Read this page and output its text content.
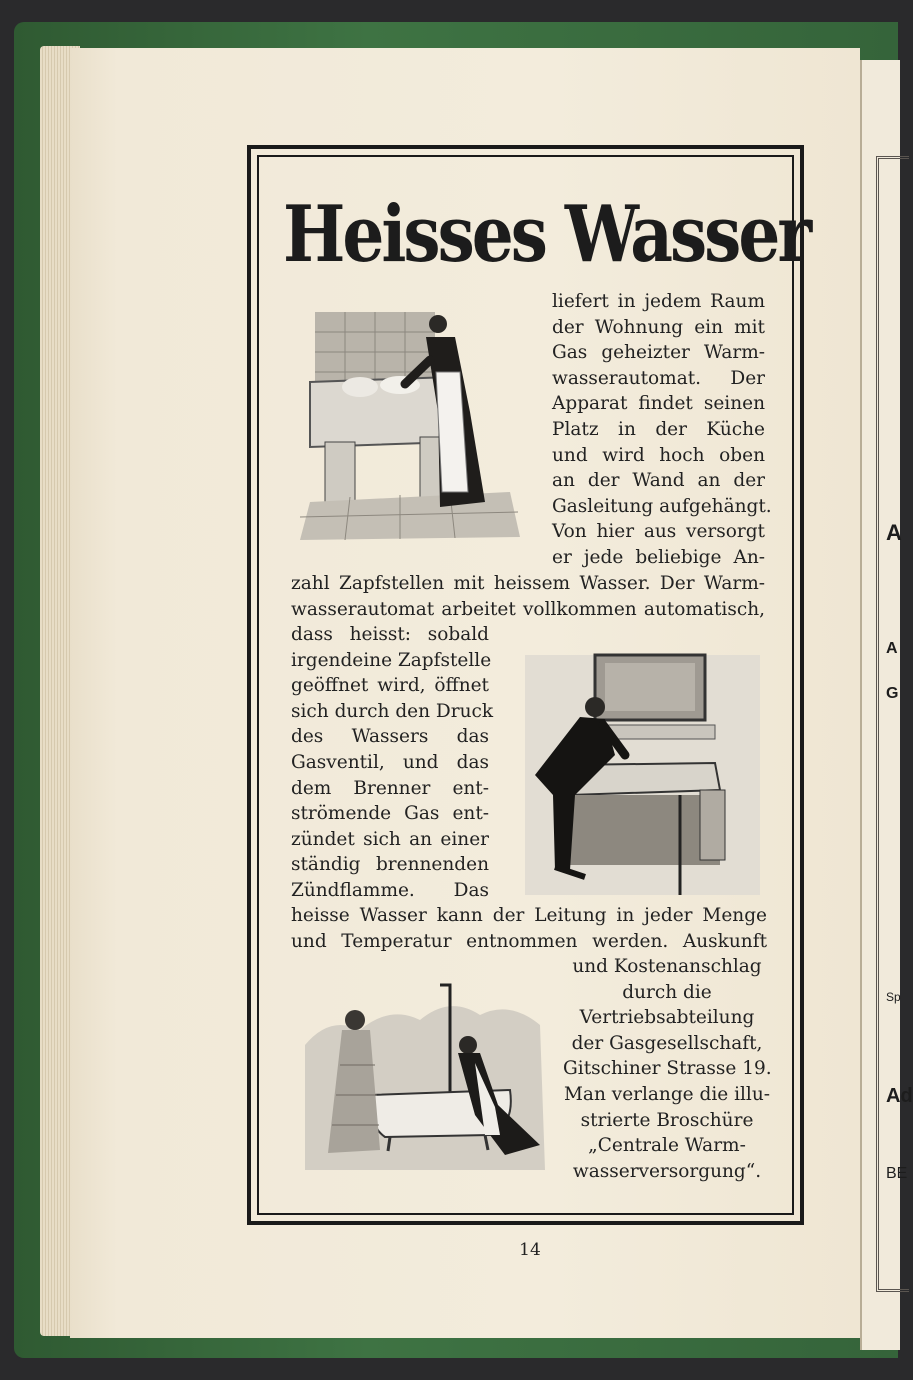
A
A
G
Sp
Ad
BE
Heisses Wasser
liefert in jedem Raum
der Wohnung ein mit
Gas geheizter Warm-
wasserautomat. Der
Apparat findet seinen
Platz in der Küche
und wird hoch oben
an der Wand an der
Gasleitung aufgehängt.
Von hier aus versorgt
er jede beliebige An-
zahl Zapfstellen mit heissem Wasser. Der Warm-
wasserautomat arbeitet vollkommen automatisch,
dass heisst: sobald
irgendeine Zapfstelle
geöffnet wird, öffnet
sich durch den Druck
des Wassers das
Gasventil, und das
dem Brenner ent-
strömende Gas ent-
zündet sich an einer
ständig brennenden
Zündflamme. Das
heisse Wasser kann der Leitung in jeder Menge
und Temperatur entnommen werden. Auskunft
und Kostenanschlag
durch die
Vertriebsabteilung
der Gasgesellschaft,
Gitschiner Strasse 19.
Man verlange die illu-
strierte Broschüre
„Centrale Warm-
wasserversorgung“.
14
